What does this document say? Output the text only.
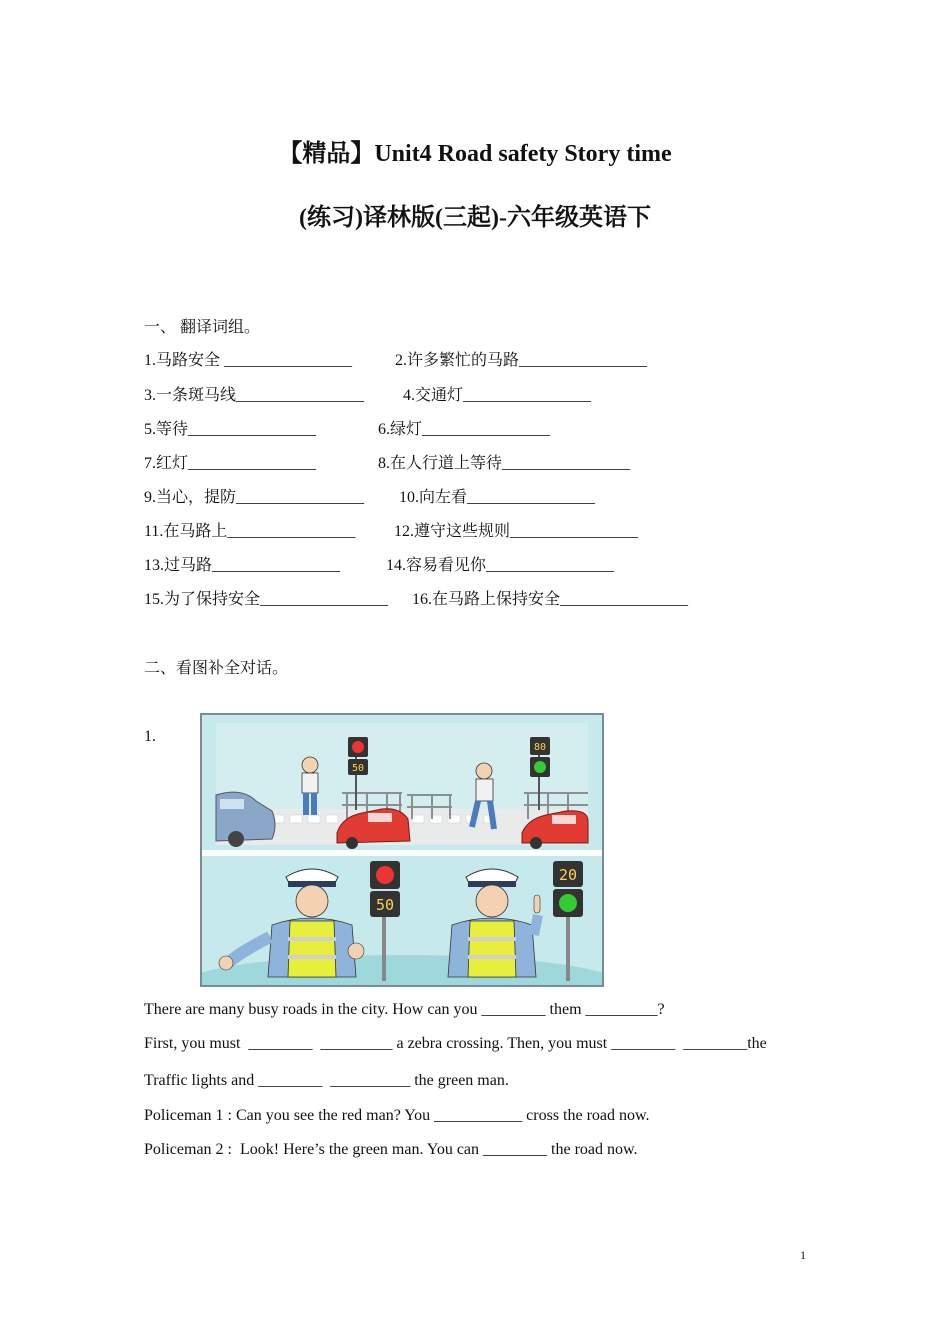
【精品】Unit4 Road safety Story time
(练习)译林版(三起)-六年级英语下
一、 翻译词组。
1.马路安全 ________________	2.许多繁忙的马路________________
3.一条斑马线________________ 4.交通灯________________
5.等待________________	6.绿灯________________
7.红灯________________	8.在人行道上等待________________
9.当心，提防________________ 10.向左看________________
11.在马路上________________ 12.遵守这些规则________________
13.过马路________________	14.容易看见你________________
15.为了保持安全________________ 16.在马路上保持安全________________
二、看图补全对话。
1.
50
80
50
20
There are many busy roads in the city. How can you ________ them _________?
First, you must  ________  _________ a zebra crossing. Then, you must ________  ________the
Traffic lights and ________  __________ the green man.
Policeman 1 : Can you see the red man? You ___________ cross the road now.
Policeman 2 :  Look! Here’s the green man. You can ________ the road now.
1
